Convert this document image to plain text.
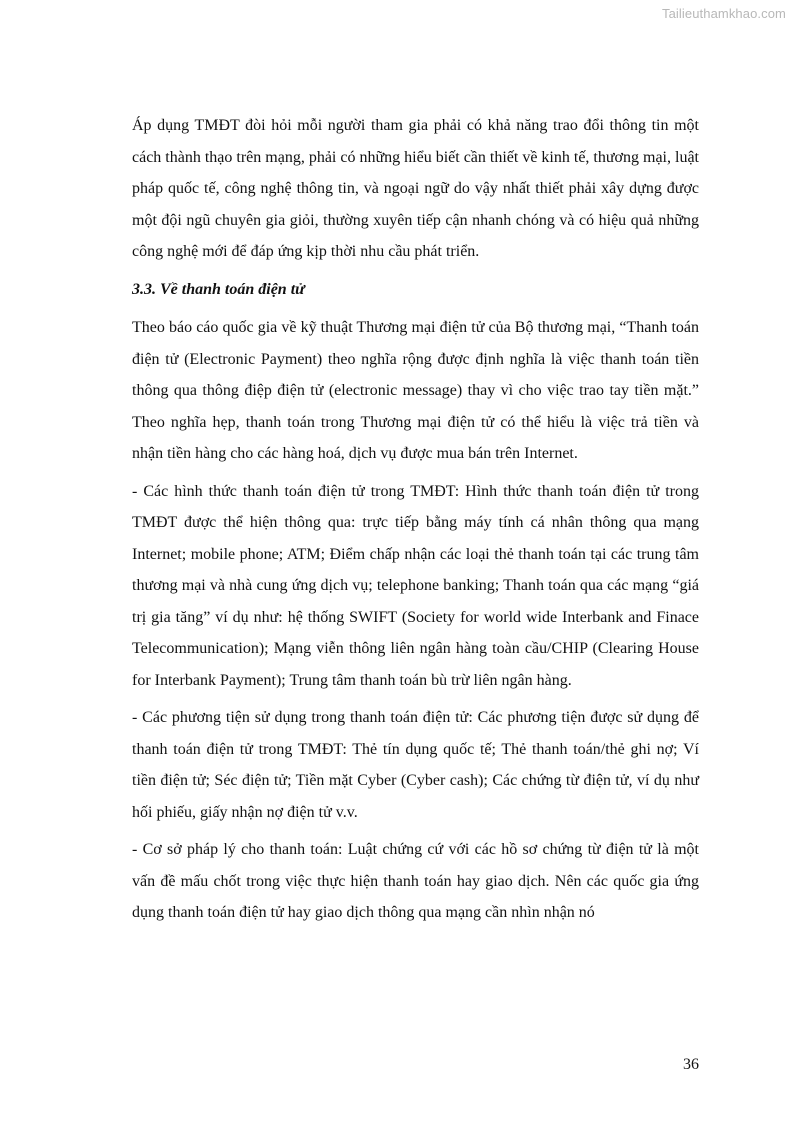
Tailieuthamkhao.com

Áp dụng TMĐT đòi hỏi mỗi người tham gia phải có khả năng trao đổi thông tin một cách thành thạo trên mạng, phải có những hiểu biết cần thiết về kinh tế, thương mại, luật pháp quốc tế, công nghệ thông tin, và ngoại ngữ do vậy nhất thiết phải xây dựng được một đội ngũ chuyên gia giỏi, thường xuyên tiếp cận nhanh chóng và có hiệu quả những công nghệ mới để đáp ứng kịp thời nhu cầu phát triển.

3.3. Về thanh toán điện tử

Theo báo cáo quốc gia về kỹ thuật Thương mại điện tử của Bộ thương mại, “Thanh toán điện tử (Electronic Payment) theo nghĩa rộng được định nghĩa là việc thanh toán tiền thông qua thông điệp điện tử (electronic message) thay vì cho việc trao tay tiền mặt.” Theo nghĩa hẹp, thanh toán trong Thương mại điện tử có thể hiểu là việc trả tiền và nhận tiền hàng cho các hàng hoá, dịch vụ được mua bán trên Internet.

- Các hình thức thanh toán điện tử trong TMĐT: Hình thức thanh toán điện tử trong TMĐT được thể hiện thông qua: trực tiếp bằng máy tính cá nhân thông qua mạng Internet; mobile phone; ATM; Điểm chấp nhận các loại thẻ thanh toán tại các trung tâm thương mại và nhà cung ứng dịch vụ; telephone banking; Thanh toán qua các mạng “giá trị gia tăng” ví dụ như: hệ thống SWIFT (Society for world wide Interbank and Finace Telecommunication); Mạng viễn thông liên ngân hàng toàn cầu/CHIP (Clearing House for Interbank Payment); Trung tâm thanh toán bù trừ liên ngân hàng.

- Các phương tiện sử dụng trong thanh toán điện tử: Các phương tiện được sử dụng để thanh toán điện tử trong TMĐT: Thẻ tín dụng quốc tế; Thẻ thanh toán/thẻ ghi nợ; Ví tiền điện tử; Séc điện tử; Tiền mặt Cyber (Cyber cash); Các chứng từ điện tử, ví dụ như hối phiếu, giấy nhận nợ điện tử v.v.

- Cơ sở pháp lý cho thanh toán: Luật chứng cứ với các hồ sơ chứng từ điện tử là một vấn đề mấu chốt trong việc thực hiện thanh toán hay giao dịch. Nên các quốc gia ứng dụng thanh toán điện tử hay giao dịch thông qua mạng cần nhìn nhận nó

36
